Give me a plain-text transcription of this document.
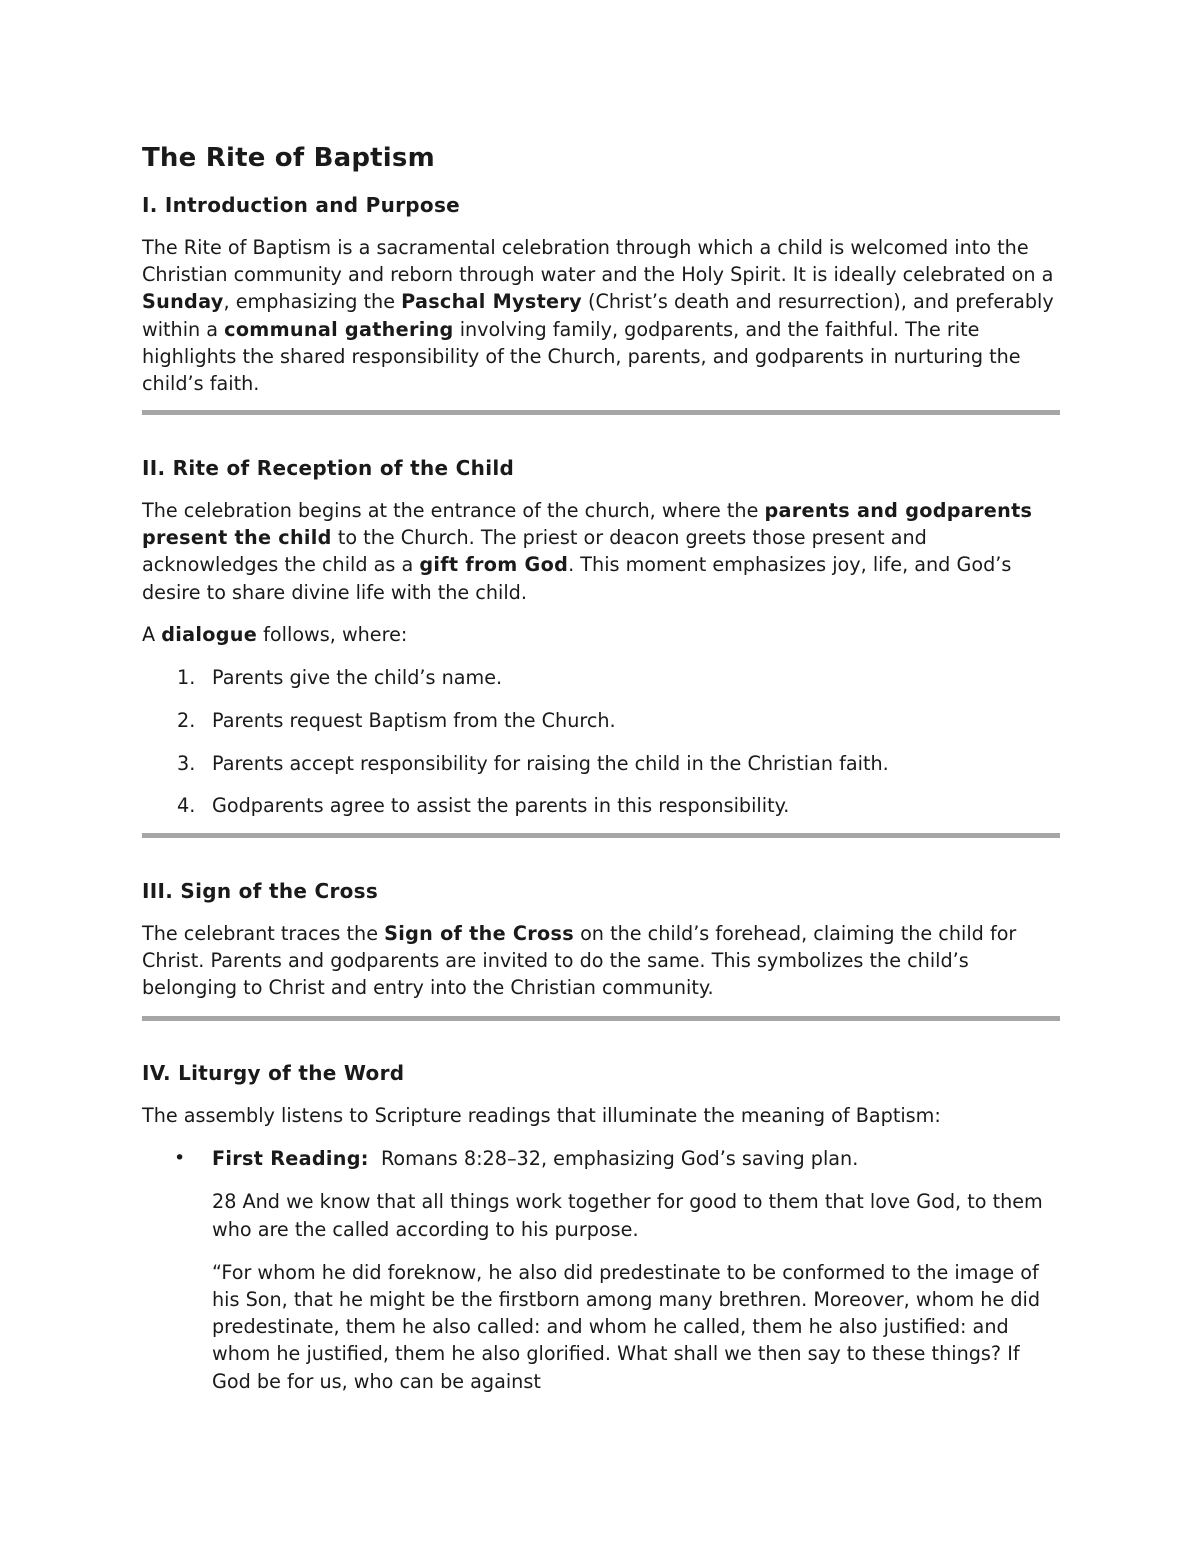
The Rite of Baptism
I. Introduction and Purpose

The Rite of Baptism is a sacramental celebration through which a child is welcomed into the Christian community and reborn through water and the Holy Spirit. It is ideally celebrated on a Sunday, emphasizing the Paschal Mystery (Christ’s death and resurrection), and preferably within a communal gathering involving family, godparents, and the faithful. The rite highlights the shared responsibility of the Church, parents, and godparents in nurturing the child’s faith.

II. Rite of Reception of the Child

The celebration begins at the entrance of the church, where the parents and godparents present the child to the Church. The priest or deacon greets those present and acknowledges the child as a gift from God. This moment emphasizes joy, life, and God’s desire to share divine life with the child.

A dialogue follows, where:

1. Parents give the child’s name.
2. Parents request Baptism from the Church.
3. Parents accept responsibility for raising the child in the Christian faith.
4. Godparents agree to assist the parents in this responsibility.
III. Sign of the Cross

The celebrant traces the Sign of the Cross on the child’s forehead, claiming the child for Christ. Parents and godparents are invited to do the same. This symbolizes the child’s belonging to Christ and entry into the Christian community.

IV. Liturgy of the Word

The assembly listens to Scripture readings that illuminate the meaning of Baptism:

• First Reading:  Romans 8:28–32, emphasizing God’s saving plan.

28 And we know that all things work together for good to them that love God, to them who are the called according to his purpose.

“For whom he did foreknow, he also did predestinate to be conformed to the image of his Son, that he might be the firstborn among many brethren. Moreover, whom he did predestinate, them he also called: and whom he called, them he also justified: and whom he justified, them he also glorified. What shall we then say to these things? If God be for us, who can be against
